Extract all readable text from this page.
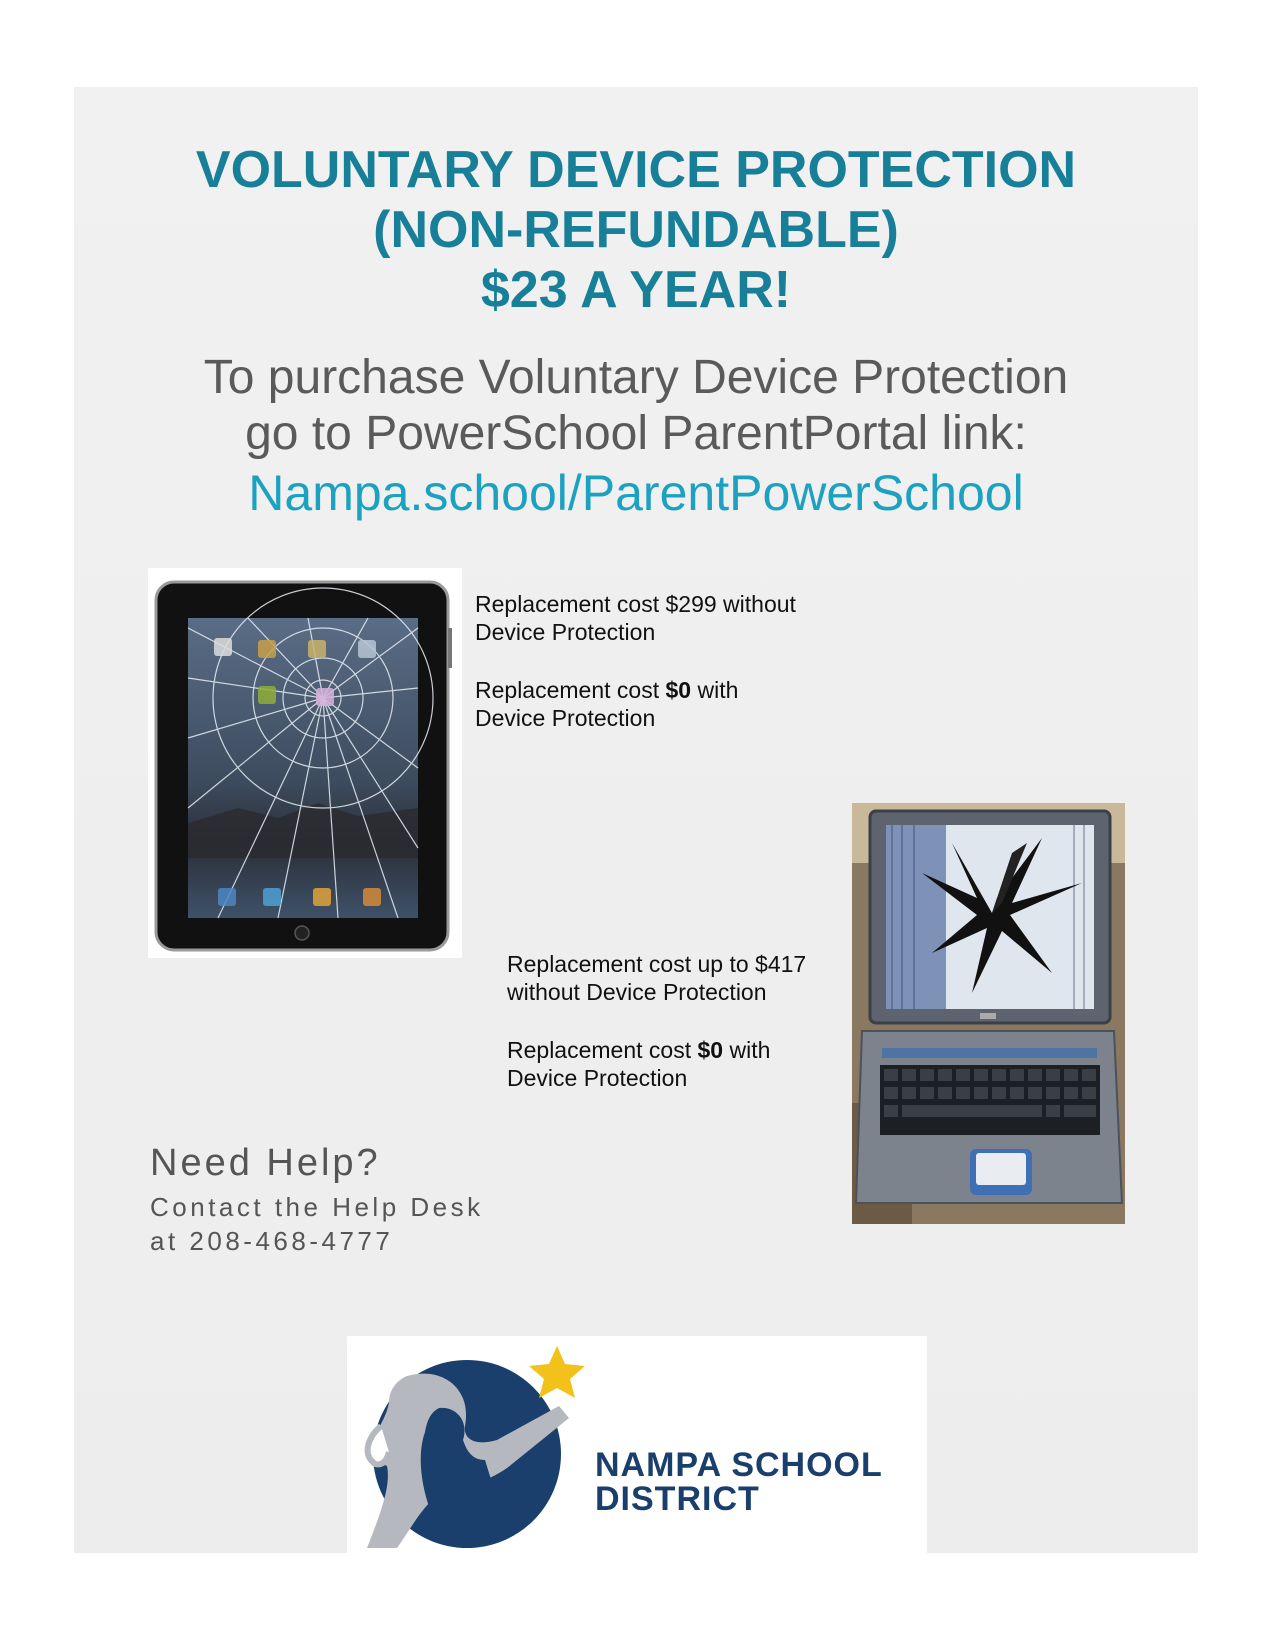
VOLUNTARY DEVICE PROTECTION

(NON-REFUNDABLE)

$23 A YEAR!

To purchase Voluntary Device Protection

go to PowerSchool ParentPortal link:

Nampa.school/ParentPowerSchool

Replacement cost $299 without
Device Protection

Replacement cost $0 with
Device Protection

Replacement cost up to $417
without Device Protection

Replacement cost $0 with
Device Protection

Need Help?

Contact the Help Desk

at 208-468-4777

NAMPA SCHOOL

DISTRICT
